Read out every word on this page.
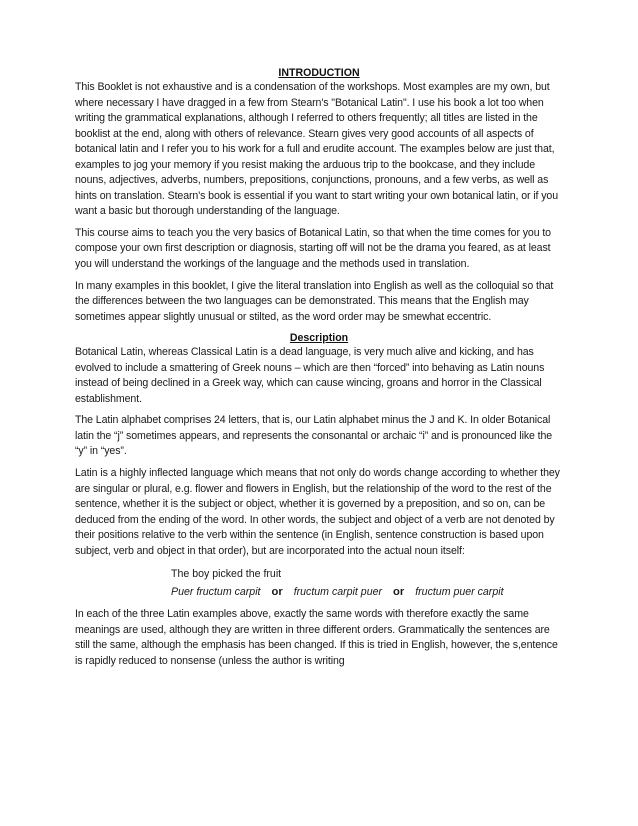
INTRODUCTION

This Booklet is not exhaustive and is a condensation of the workshops. Most examples are my own, but where necessary I have dragged in a few from Stearn's "Botanical Latin". I use his book a lot too when writing the grammatical explanations, although I referred to others frequently; all titles are listed in the booklist at the end, along with others of relevance. Stearn gives very good accounts of all aspects of botanical latin and I refer you to his work for a full and erudite account. The examples below are just that, examples to jog your memory if you resist making the arduous trip to the bookcase, and they include nouns, adjectives, adverbs, numbers, prepositions, conjunctions, pronouns, and a few verbs, as well as hints on translation. Stearn's book is essential if you want to start writing your own botanical latin, or if you want a basic but thorough understanding of the language.

This course aims to teach you the very basics of Botanical Latin, so that when the time comes for you to compose your own first description or diagnosis, starting off will not be the drama you feared, as at least you will understand the workings of the language and the methods used in translation.

In many examples in this booklet, I give the literal translation into English as well as the colloquial so that the differences between the two languages can be demonstrated. This means that the English may sometimes appear slightly unusual or stilted, as the word order may be smewhat eccentric.

Description

Botanical Latin, whereas Classical Latin is a dead language, is very much alive and kicking, and has evolved to include a smattering of Greek nouns – which are then “forced” into behaving as Latin nouns instead of being declined in a Greek way, which can cause wincing, groans and horror in the Classical establishment.

The Latin alphabet comprises 24 letters, that is, our Latin alphabet minus the J and K. In older Botanical latin the “j” sometimes appears, and represents the consonantal or archaic “i” and is pronounced like the “y” in “yes”.

Latin is a highly inflected language which means that not only do words change according to whether they are singular or plural, e.g. flower and flowers in English, but the relationship of the word to the rest of the sentence, whether it is the subject or object, whether it is governed by a preposition, and so on, can be deduced from the ending of the word. In other words, the subject and object of a verb are not denoted by their positions relative to the verb within the sentence (in English, sentence construction is based upon subject, verb and object in that order), but are incorporated into the actual noun itself:

The boy picked the fruit
Puer fructum carpit or fructum carpit puer or fructum puer carpit

In each of the three Latin examples above, exactly the same words with therefore exactly the same meanings are used, although they are written in three different orders. Grammatically the sentences are still the same, although the emphasis has been changed. If this is tried in English, however, the s,entence is rapidly reduced to nonsense (unless the author is writing
